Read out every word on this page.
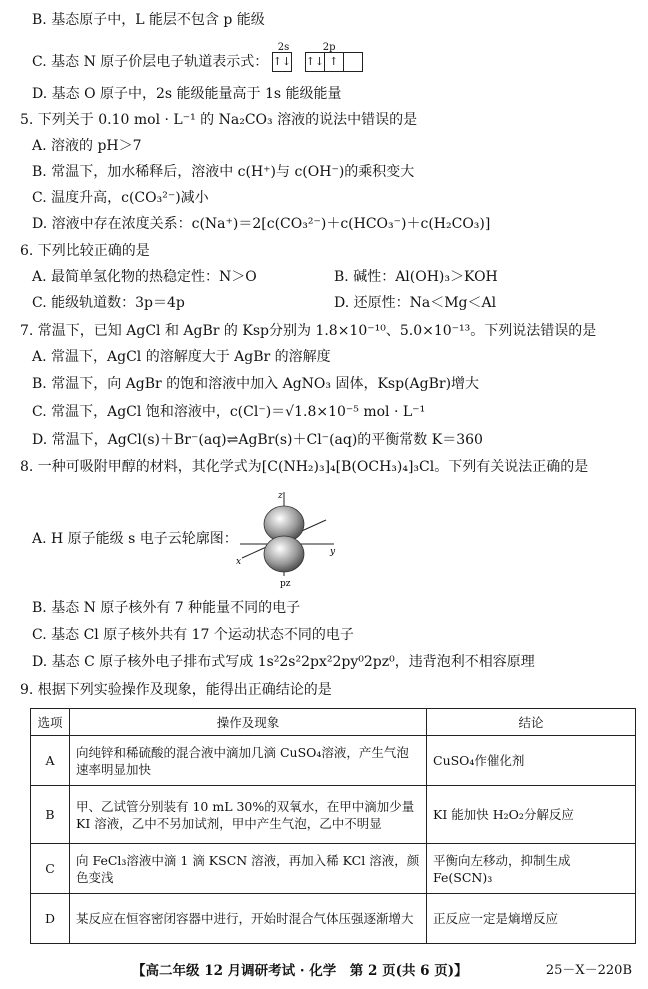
B. 基态原子中，L 能层不包含 p 能级
C. 基态 N 原子价层电子轨道表示式：
2s	2p
↑↓ ↑↓ ↑
D. 基态 O 原子中，2s 能级能量高于 1s 能级能量
5. 下列关于 0.10 mol · L⁻¹ 的 Na₂CO₃ 溶液的说法中错误的是
A. 溶液的 pH＞7
B. 常温下，加水稀释后，溶液中 c(H⁺)与 c(OH⁻)的乘积变大
C. 温度升高，c(CO₃²⁻)减小
D. 溶液中存在浓度关系：c(Na⁺)＝2[c(CO₃²⁻)＋c(HCO₃⁻)＋c(H₂CO₃)]
6. 下列比较正确的是
A. 最简单氢化物的热稳定性：N＞O	B. 碱性：Al(OH)₃＞KOH
C. 能级轨道数：3p＝4p	D. 还原性：Na＜Mg＜Al
7. 常温下，已知 AgCl 和 AgBr 的 Ksp分别为 1.8×10⁻¹⁰、5.0×10⁻¹³。下列说法错误的是
A. 常温下，AgCl 的溶解度大于 AgBr 的溶解度
B. 常温下，向 AgBr 的饱和溶液中加入 AgNO₃ 固体，Ksp(AgBr)增大
C. 常温下，AgCl 饱和溶液中，c(Cl⁻)＝√1.8×10⁻⁵ mol · L⁻¹
D. 常温下，AgCl(s)＋Br⁻(aq)⇌AgBr(s)＋Cl⁻(aq)的平衡常数 K＝360
8. 一种可吸附甲醇的材料，其化学式为[C(NH₂)₃]₄[B(OCH₃)₄]₃Cl。下列有关说法正确的是
A. H 原子能级 s 电子云轮廓图：
z
x
y
pz
B. 基态 N 原子核外有 7 种能量不同的电子
C. 基态 Cl 原子核外共有 17 个运动状态不同的电子
D. 基态 C 原子核外电子排布式写成 1s²2s²2px²2py⁰2pz⁰，违背泡利不相容原理
9. 根据下列实验操作及现象，能得出正确结论的是
选项	操作及现象	结论
A	向纯锌和稀硫酸的混合液中滴加几滴 CuSO₄溶液，产生气泡速率明显加快	CuSO₄作催化剂
B	甲、乙试管分别装有 10 mL 30%的双氧水，在甲中滴加少量 KI 溶液，乙中不另加试剂，甲中产生气泡，乙中不明显	KI 能加快 H₂O₂分解反应
C	向 FeCl₃溶液中滴 1 滴 KSCN 溶液，再加入稀 KCl 溶液，颜色变浅	平衡向左移动，抑制生成 Fe(SCN)₃
D	某反应在恒容密闭容器中进行，开始时混合气体压强逐渐增大	正反应一定是熵增反应
【高二年级 12 月调研考试 · 化学　第 2 页(共 6 页)】	25－X－220B
